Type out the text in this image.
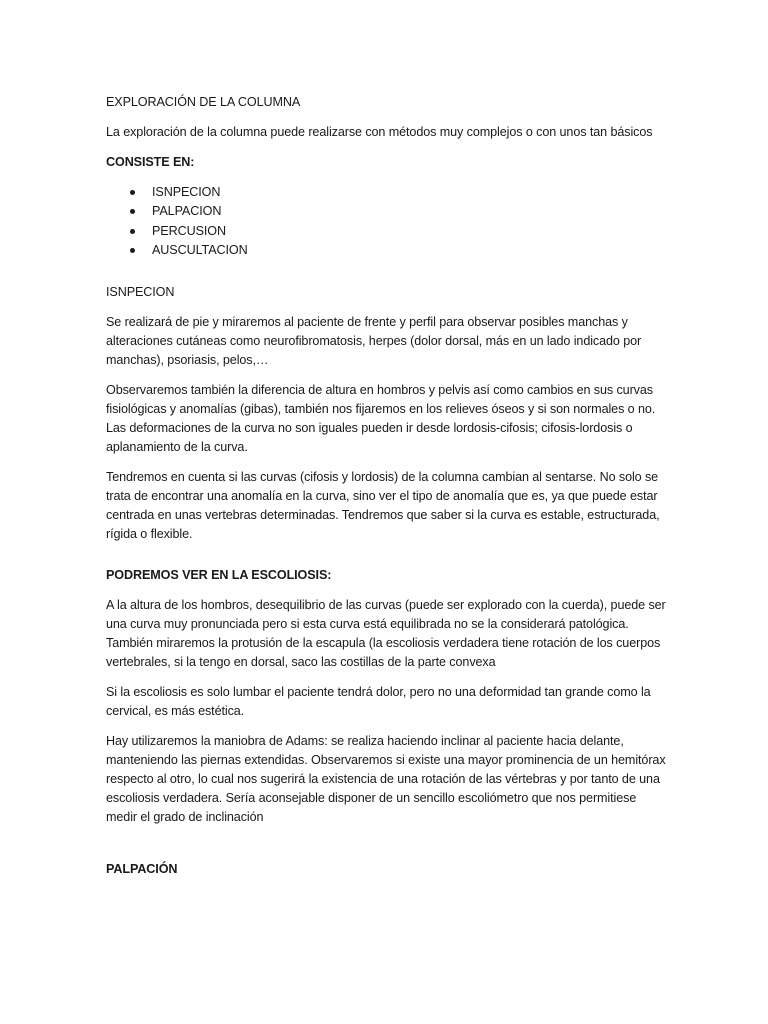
EXPLORACIÓN DE LA COLUMNA

La exploración de la columna puede realizarse con métodos muy complejos o con unos tan básicos

CONSISTE EN:

ISNPECION
PALPACION
PERCUSION
AUSCULTACION

ISNPECION

Se realizará de pie y miraremos al paciente de frente y perfil para observar posibles manchas y alteraciones cutáneas como neurofibromatosis, herpes (dolor dorsal, más en un lado indicado por manchas), psoriasis, pelos,…

Observaremos también la diferencia de altura en hombros y pelvis así como cambios en sus curvas fisiológicas y anomalías (gibas), también nos fijaremos en los relieves óseos y si son normales o no. Las deformaciones de la curva no son iguales pueden ir desde lordosis-cifosis; cifosis-lordosis o aplanamiento de la curva.

Tendremos en cuenta si las curvas (cifosis y lordosis) de la columna cambian al sentarse. No solo se trata de encontrar una anomalía en la curva, sino ver el tipo de anomalía que es, ya que puede estar centrada en unas vertebras determinadas. Tendremos que saber si la curva es estable, estructurada, rígida o flexible.

PODREMOS VER EN LA ESCOLIOSIS:

A la altura de los hombros, desequilibrio de las curvas (puede ser explorado con la cuerda), puede ser una curva muy pronunciada pero si esta curva está equilibrada no se la considerará patológica. También miraremos la protusión de la escapula (la escoliosis verdadera tiene rotación de los cuerpos vertebrales, si la tengo en dorsal, saco las costillas de la parte convexa

Si la escoliosis es solo lumbar el paciente tendrá dolor, pero no una deformidad tan grande como la cervical, es más estética.

Hay utilizaremos la maniobra de Adams: se realiza haciendo inclinar al paciente hacia delante, manteniendo las piernas extendidas. Observaremos si existe una mayor prominencia de un hemitórax respecto al otro, lo cual nos sugerirá la existencia de una rotación de las vértebras y por tanto de una escoliosis verdadera. Sería aconsejable disponer de un sencillo escoliómetro que nos permitiese medir el grado de inclinación

PALPACIÓN
